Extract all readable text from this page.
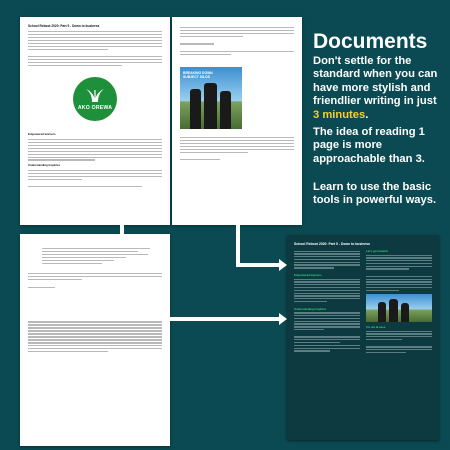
School Reboot 2020: Part 5 - Down to business
AKO OREWA
Empowered learners
Understanding Inquiries
BREAKING DOWN SUBJECT SILOS
School Reboot 2020: Part 5 - Down to business
Empowered learners
Understanding Inquiries
Let's go forward
I'm not at ease.
Documents
Don't settle for the standard when you can have more stylish and friendlier writing in just 3 minutes.
The idea of reading 1 page is more approachable than 3.
Learn to use the basic tools in powerful ways.
